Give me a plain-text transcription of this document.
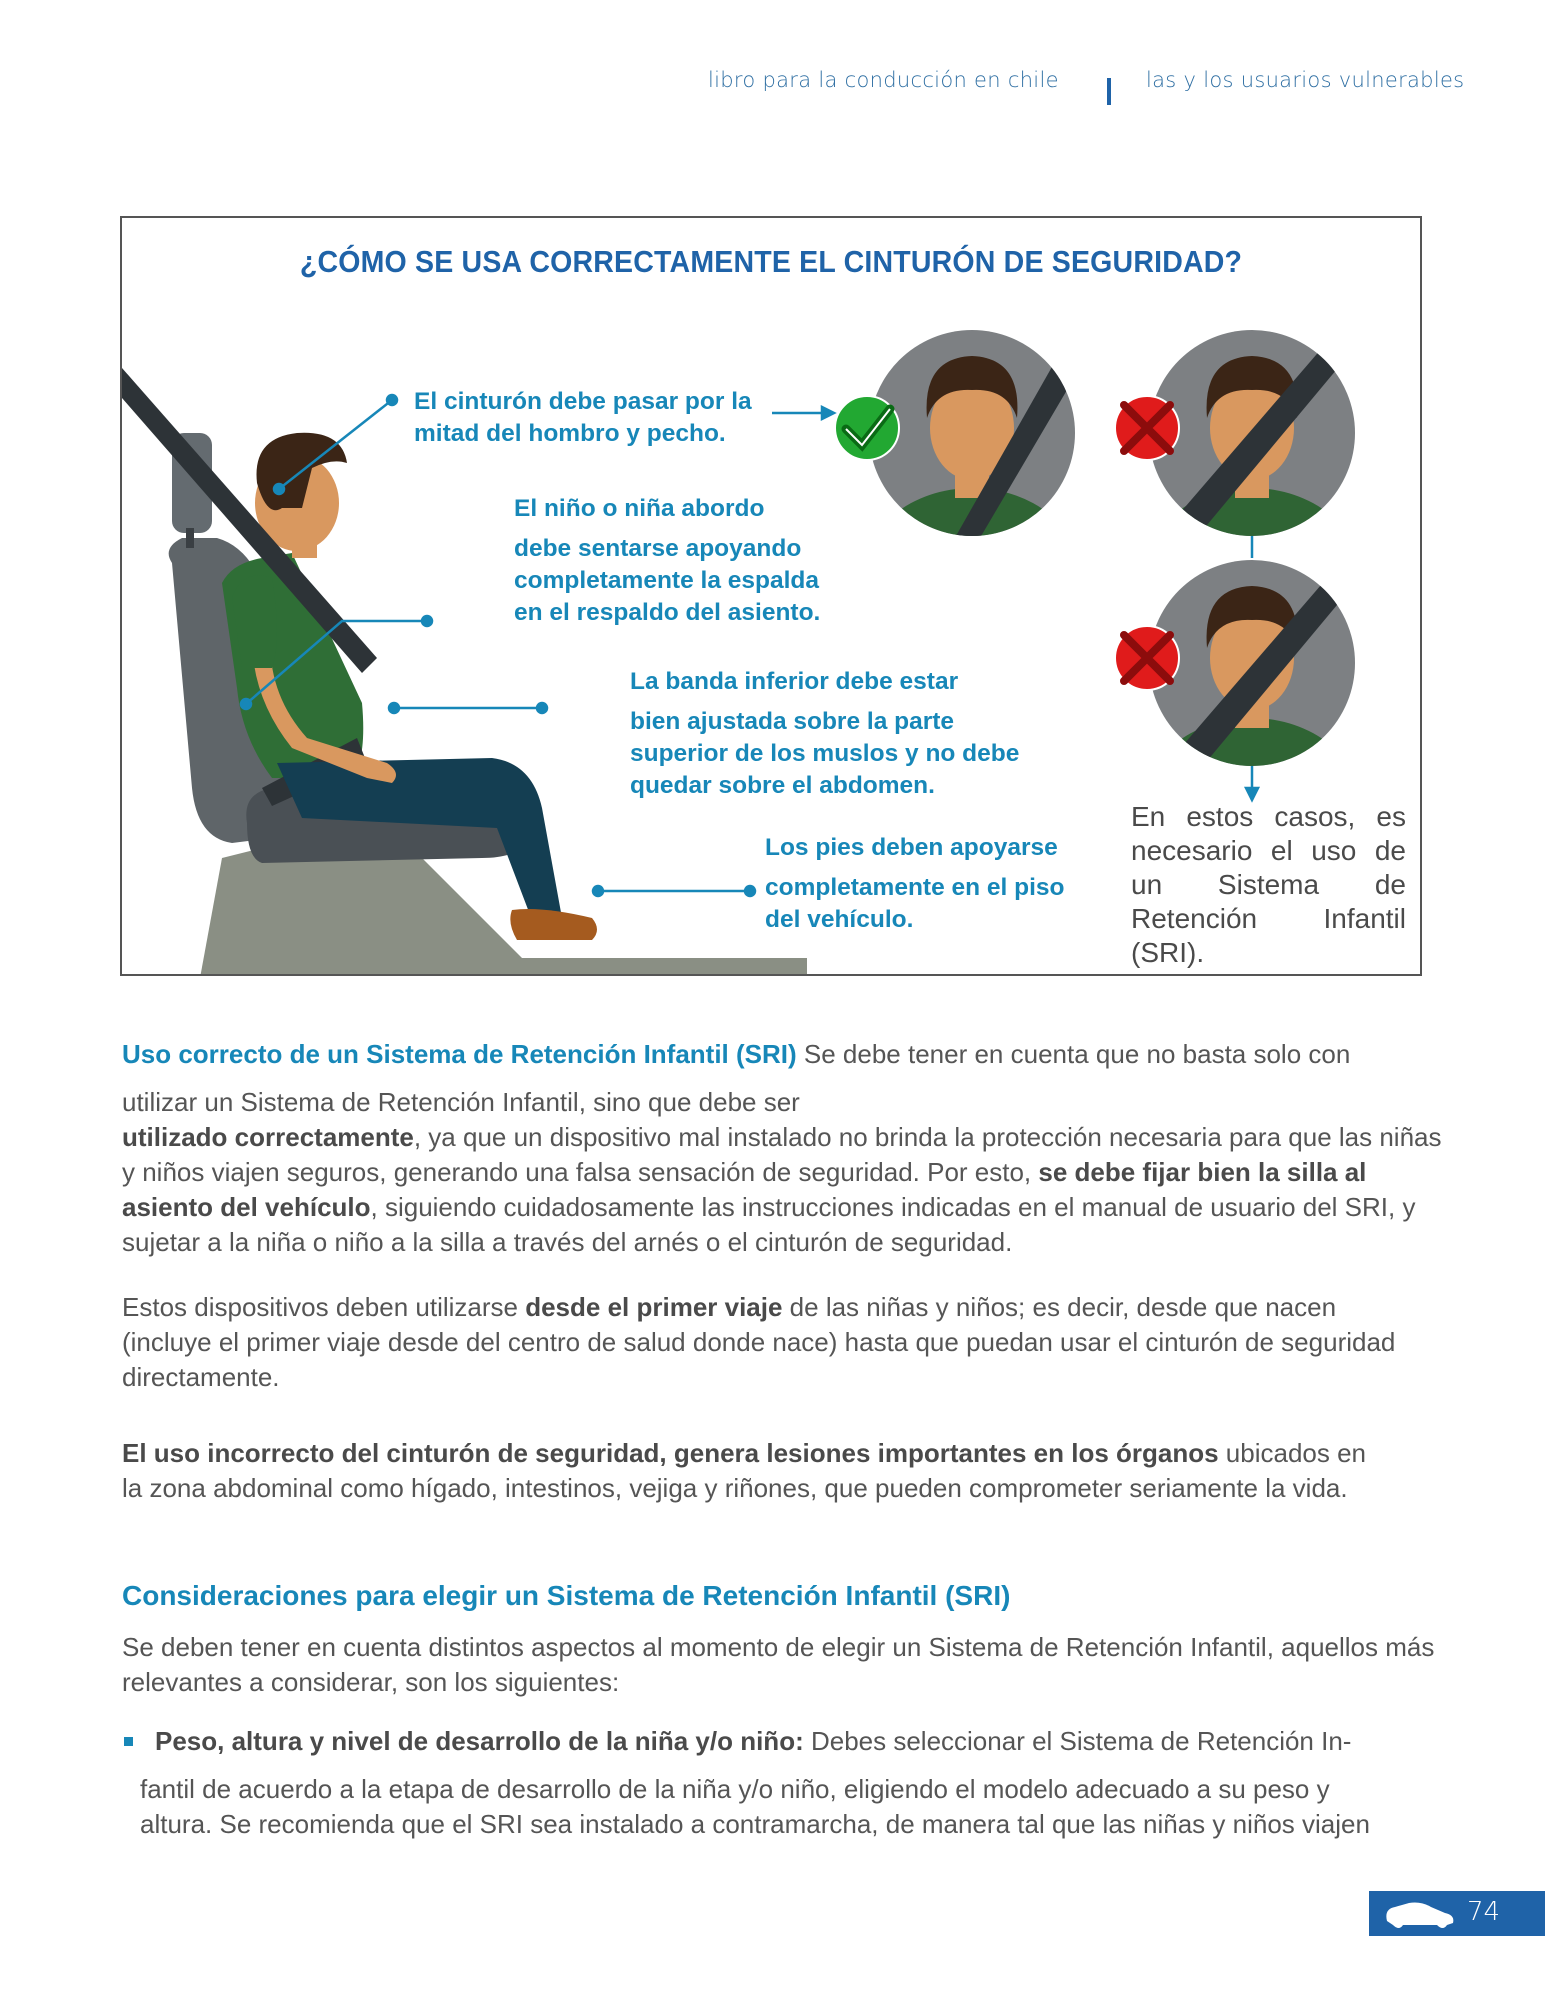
libro para la conducción en chile	las y los usuarios vulnerables
¿CÓMO SE USA CORRECTAMENTE EL CINTURÓN DE SEGURIDAD?
El cinturón debe pasar por la mitad del hombro y pecho.
El niño o niña abordo
debe sentarse apoyando completamente la espalda en el respaldo del asiento.
La banda inferior debe estar
bien ajustada sobre la parte superior de los muslos y no debe quedar sobre el abdomen.
Los pies deben apoyarse
completamente en el piso del vehículo.
En estos casos, es necesario el uso de un Sistema de Retención Infantil (SRI).
Uso correcto de un Sistema de Retención Infantil (SRI) Se debe tener en cuenta que no basta solo con
utilizar un Sistema de Retención Infantil, sino que debe ser
utilizado correctamente, ya que un dispositivo mal instalado no brinda la protección necesaria para que las niñas y niños viajen seguros, generando una falsa sensación de seguridad. Por esto, se debe fijar bien la silla al asiento del vehículo, siguiendo cuidadosamente las instrucciones indicadas en el manual de usuario del SRI, y sujetar a la niña o niño a la silla a través del arnés o el cinturón de seguridad.
Estos dispositivos deben utilizarse desde el primer viaje de las niñas y niños; es decir, desde que nacen
(incluye el primer viaje desde del centro de salud donde nace) hasta que puedan usar el cinturón de seguridad directamente.
El uso incorrecto del cinturón de seguridad, genera lesiones importantes en los órganos ubicados en
la zona abdominal como hígado, intestinos, vejiga y riñones, que pueden comprometer seriamente la vida.
Consideraciones para elegir un Sistema de Retención Infantil (SRI)
Se deben tener en cuenta distintos aspectos al momento de elegir un Sistema de Retención Infantil, aquellos más relevantes a considerar, son los siguientes:
Peso, altura y nivel de desarrollo de la niña y/o niño: Debes seleccionar el Sistema de Retención In-
fantil de acuerdo a la etapa de desarrollo de la niña y/o niño, eligiendo el modelo adecuado a su peso y
altura. Se recomienda que el SRI sea instalado a contramarcha, de manera tal que las niñas y niños viajen
74
